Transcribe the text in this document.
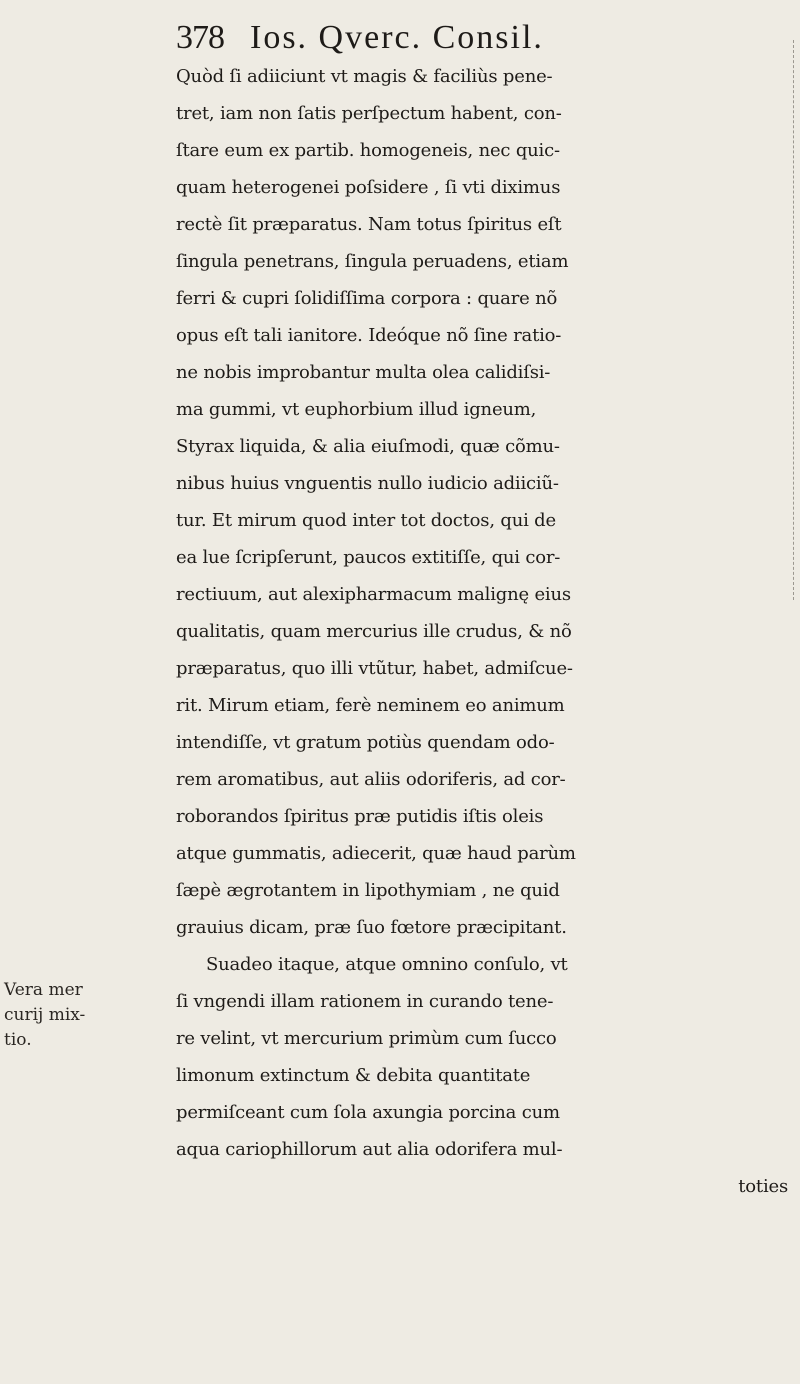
378 Ios. Qverc. Consil.
Vera mer
curij mix-
tio.
Quòd ſi adiiciunt vt magis & faciliùs pene-
tret, iam non ſatis perſpectum habent, con-
ſtare eum ex partib. homogeneis, nec quic-
quam heterogenei poſsidere , ſi vti diximus
rectè ſit præparatus. Nam totus ſpiritus eſt
ſingula penetrans, ſingula peruadens, etiam
ferri & cupri ſolidiſſima corpora : quare nõ
opus eſt tali ianitore. Ideóque nõ ſine ratio-
ne nobis improbantur multa olea calidiſsi-
ma gummi, vt euphorbium illud igneum,
Styrax liquida, & alia eiuſmodi, quæ cõmu-
nibus huius vnguentis nullo iudicio adiiciũ-
tur. Et mirum quod inter tot doctos, qui de
ea lue ſcripſerunt, paucos extitiſſe, qui cor-
rectiuum, aut alexipharmacum malignę eius
qualitatis, quam mercurius ille crudus, & nõ
præparatus, quo illi vtũtur, habet, admiſcue-
rit. Mirum etiam, ferè neminem eo animum
intendiſſe, vt gratum potiùs quendam odo-
rem aromatibus, aut aliis odoriferis, ad cor-
roborandos ſpiritus præ putidis iſtis oleis
atque gummatis, adiecerit, quæ haud parùm
ſæpè ægrotantem in lipothymiam , ne quid
grauius dicam, præ ſuo fœtore præcipitant.
Suadeo itaque, atque omnino conſulo, vt
ſi vngendi illam rationem in curando tene-
re velint, vt mercurium primùm cum ſucco
limonum extinctum & debita quantitate
permiſceant cum ſola axungia porcina cum
aqua cariophillorum aut alia odorifera mul-
toties
